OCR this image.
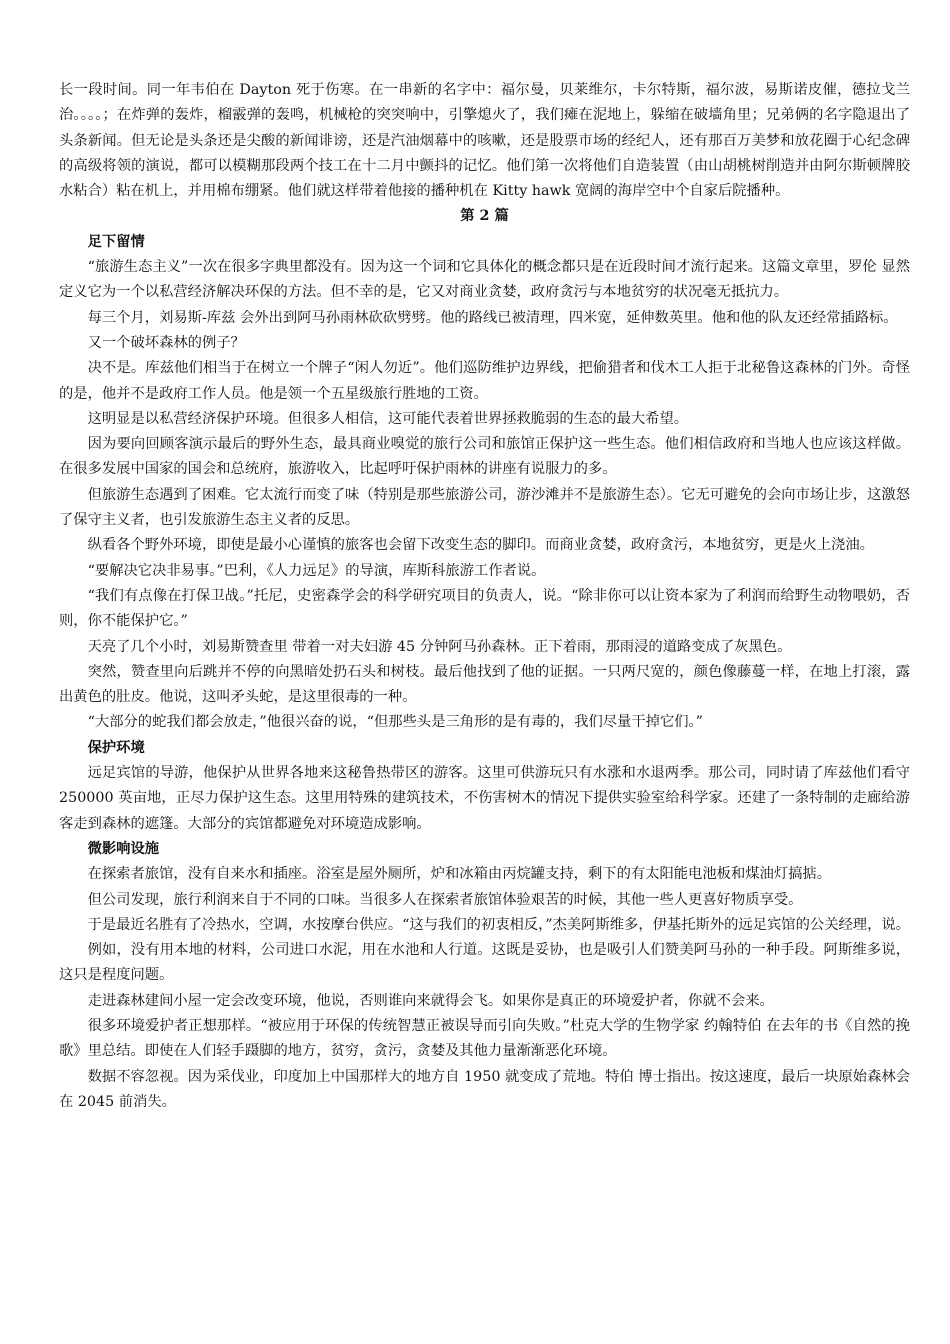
长一段时间。同一年韦伯在 Dayton 死于伤寒。在一串新的名字中：福尔曼，贝莱维尔，卡尔特斯，福尔波，易斯诺皮催，德拉戈兰治。。。。；在炸弹的轰炸，榴霰弹的轰鸣，机械枪的突突响中，引擎熄火了，我们瘫在泥地上，躲缩在破墙角里；兄弟俩的名字隐退出了头条新闻。但无论是头条还是尖酸的新闻诽谤，还是汽油烟幕中的咳嗽，还是股票市场的经纪人，还有那百万美梦和放花圈于心纪念碑的高级将领的演说，都可以模糊那段两个技工在十二月中颤抖的记忆。他们第一次将他们自造装置（由山胡桃树削造并由阿尔斯顿牌胶水粘合）粘在机上，并用棉布绷紧。他们就这样带着他接的播种机在 Kitty hawk 宽阔的海岸空中个自家后院播种。

第 2 篇

足下留情

“旅游生态主义”一次在很多字典里都没有。因为这一个词和它具体化的概念都只是在近段时间才流行起来。这篇文章里，罗伦 显然定义它为一个以私营经济解决环保的方法。但不幸的是，它又对商业贪婪，政府贪污与本地贫穷的状况毫无抵抗力。

每三个月，刘易斯-库兹 会外出到阿马孙雨林砍砍劈劈。他的路线已被清理，四米宽，延伸数英里。他和他的队友还经常插路标。

又一个破坏森林的例子？

决不是。库兹他们相当于在树立一个牌子“闲人勿近”。他们巡防维护边界线，把偷猎者和伐木工人拒于北秘鲁这森林的门外。奇怪的是，他并不是政府工作人员。他是领一个五星级旅行胜地的工资。

这明显是以私营经济保护环境。但很多人相信，这可能代表着世界拯救脆弱的生态的最大希望。

因为要向回顾客演示最后的野外生态，最具商业嗅觉的旅行公司和旅馆正保护这一些生态。他们相信政府和当地人也应该这样做。在很多发展中国家的国会和总统府，旅游收入，比起呼吁保护雨林的讲座有说服力的多。

但旅游生态遇到了困难。它太流行而变了味（特别是那些旅游公司，游沙滩并不是旅游生态）。它无可避免的会向市场让步，这激怒了保守主义者，也引发旅游生态主义者的反思。

纵看各个野外环境，即使是最小心谨慎的旅客也会留下改变生态的脚印。而商业贪婪，政府贪污，本地贫穷，更是火上浇油。

“要解决它决非易事。”巴利，《人力远足》的导演，库斯科旅游工作者说。

“我们有点像在打保卫战。”托尼，史密森学会的科学研究项目的负责人，说。“除非你可以让资本家为了利润而给野生动物喂奶，否则，你不能保护它。”

天亮了几个小时，刘易斯赞查里 带着一对夫妇游 45 分钟阿马孙森林。正下着雨，那雨浸的道路变成了灰黑色。

突然，赞查里向后跳并不停的向黑暗处扔石头和树枝。最后他找到了他的证据。一只两尺宽的，颜色像藤蔓一样，在地上打滚，露出黄色的肚皮。他说，这叫矛头蛇，是这里很毒的一种。

“大部分的蛇我们都会放走，”他很兴奋的说，“但那些头是三角形的是有毒的，我们尽量干掉它们。”

保护环境

远足宾馆的导游，他保护从世界各地来这秘鲁热带区的游客。这里可供游玩只有水涨和水退两季。那公司，同时请了库兹他们看守 250000 英亩地，正尽力保护这生态。这里用特殊的建筑技术，不伤害树木的情况下提供实验室给科学家。还建了一条特制的走廊给游客走到森林的遮篷。大部分的宾馆都避免对环境造成影响。

微影响设施

在探索者旅馆，没有自来水和插座。浴室是屋外厕所，炉和冰箱由丙烷罐支持，剩下的有太阳能电池板和煤油灯搞掂。

但公司发现，旅行利润来自于不同的口味。当很多人在探索者旅馆体验艰苦的时候，其他一些人更喜好物质享受。

于是最近名胜有了冷热水，空调，水按摩台供应。“这与我们的初衷相反，”杰美阿斯维多，伊基托斯外的远足宾馆的公关经理，说。

例如，没有用本地的材料，公司进口水泥，用在水池和人行道。这既是妥协，也是吸引人们赞美阿马孙的一种手段。阿斯维多说，这只是程度问题。

走进森林建间小屋一定会改变环境，他说，否则谁向来就得会飞。如果你是真正的环境爱护者，你就不会来。

很多环境爱护者正想那样。“被应用于环保的传统智慧正被误导而引向失败。”杜克大学的生物学家 约翰特伯 在去年的书《自然的挽歌》里总结。即使在人们轻手蹑脚的地方，贫穷，贪污，贪婪及其他力量渐渐恶化环境。

数据不容忽视。因为采伐业，印度加上中国那样大的地方自 1950 就变成了荒地。特伯 博士指出。按这速度，最后一块原始森林会在 2045 前消失。
